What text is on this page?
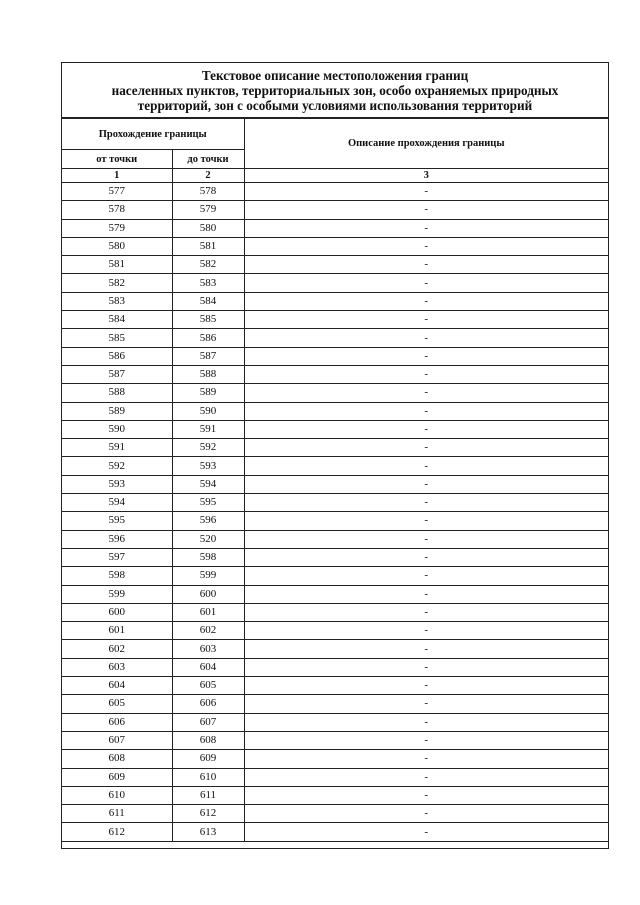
Текстовое описание местоположения границ
населенных пунктов, территориальных зон, особо охраняемых природных
территорий, зон с особыми условиями использования территорий
Прохождение границы		Описание прохождения границы
от точки	до точки	
1	2	3
577	578	-
578	579	-
579	580	-
580	581	-
581	582	-
582	583	-
583	584	-
584	585	-
585	586	-
586	587	-
587	588	-
588	589	-
589	590	-
590	591	-
591	592	-
592	593	-
593	594	-
594	595	-
595	596	-
596	520	-
597	598	-
598	599	-
599	600	-
600	601	-
601	602	-
602	603	-
603	604	-
604	605	-
605	606	-
606	607	-
607	608	-
608	609	-
609	610	-
610	611	-
611	612	-
612	613	-
